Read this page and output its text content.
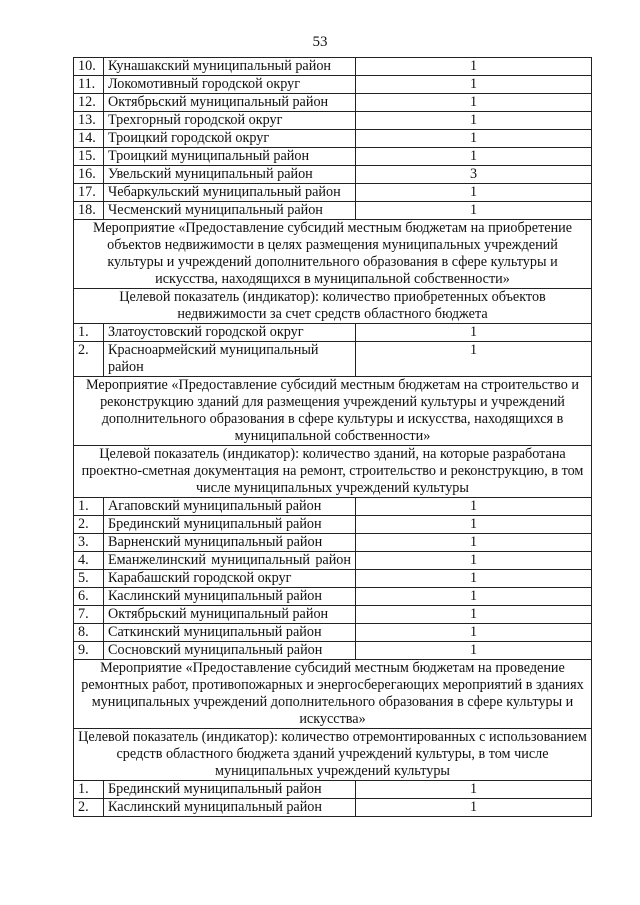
53
10.	Кунашакский муниципальный район	1
11.	Локомотивный городской округ	1
12.	Октябрьский муниципальный район	1
13.	Трехгорный городской округ	1
14.	Троицкий городской округ	1
15.	Троицкий муниципальный район	1
16.	Увельский муниципальный район	3
17.	Чебаркульский муниципальный район	1
18.	Чесменский муниципальный район	1
Мероприятие «Предоставление субсидий местным бюджетам на приобретение объектов недвижимости в целях размещения муниципальных учреждений культуры и учреждений дополнительного образования в сфере культуры и искусства, находящихся в муниципальной собственности»		
Целевой показатель (индикатор): количество приобретенных объектов недвижимости за счет средств областного бюджета		
1.	Златоустовский городской округ	1
2.	Красноармейский муниципальный район	1
Мероприятие «Предоставление субсидий местным бюджетам на строительство и реконструкцию зданий для размещения учреждений культуры и учреждений дополнительного образования в сфере культуры и искусства, находящихся в муниципальной собственности»		
Целевой показатель (индикатор): количество зданий, на которые разработана проектно-сметная документация на ремонт, строительство и реконструкцию, в том числе муниципальных учреждений культуры		
1.	Агаповский муниципальный район	1
2.	Брединский муниципальный район	1
3.	Варненский муниципальный район	1
4.	Еманжелинский муниципальный район	1
5.	Карабашский городской округ	1
6.	Каслинский муниципальный район	1
7.	Октябрьский муниципальный район	1
8.	Саткинский муниципальный район	1
9.	Сосновский муниципальный район	1
Мероприятие «Предоставление субсидий местным бюджетам на проведение ремонтных работ, противопожарных и энергосберегающих мероприятий в зданиях муниципальных учреждений дополнительного образования в сфере культуры и искусства»		
Целевой показатель (индикатор): количество отремонтированных с использованием средств областного бюджета зданий учреждений культуры, в том числе муниципальных учреждений культуры		
1.	Брединский муниципальный район	1
2.	Каслинский муниципальный район	1
